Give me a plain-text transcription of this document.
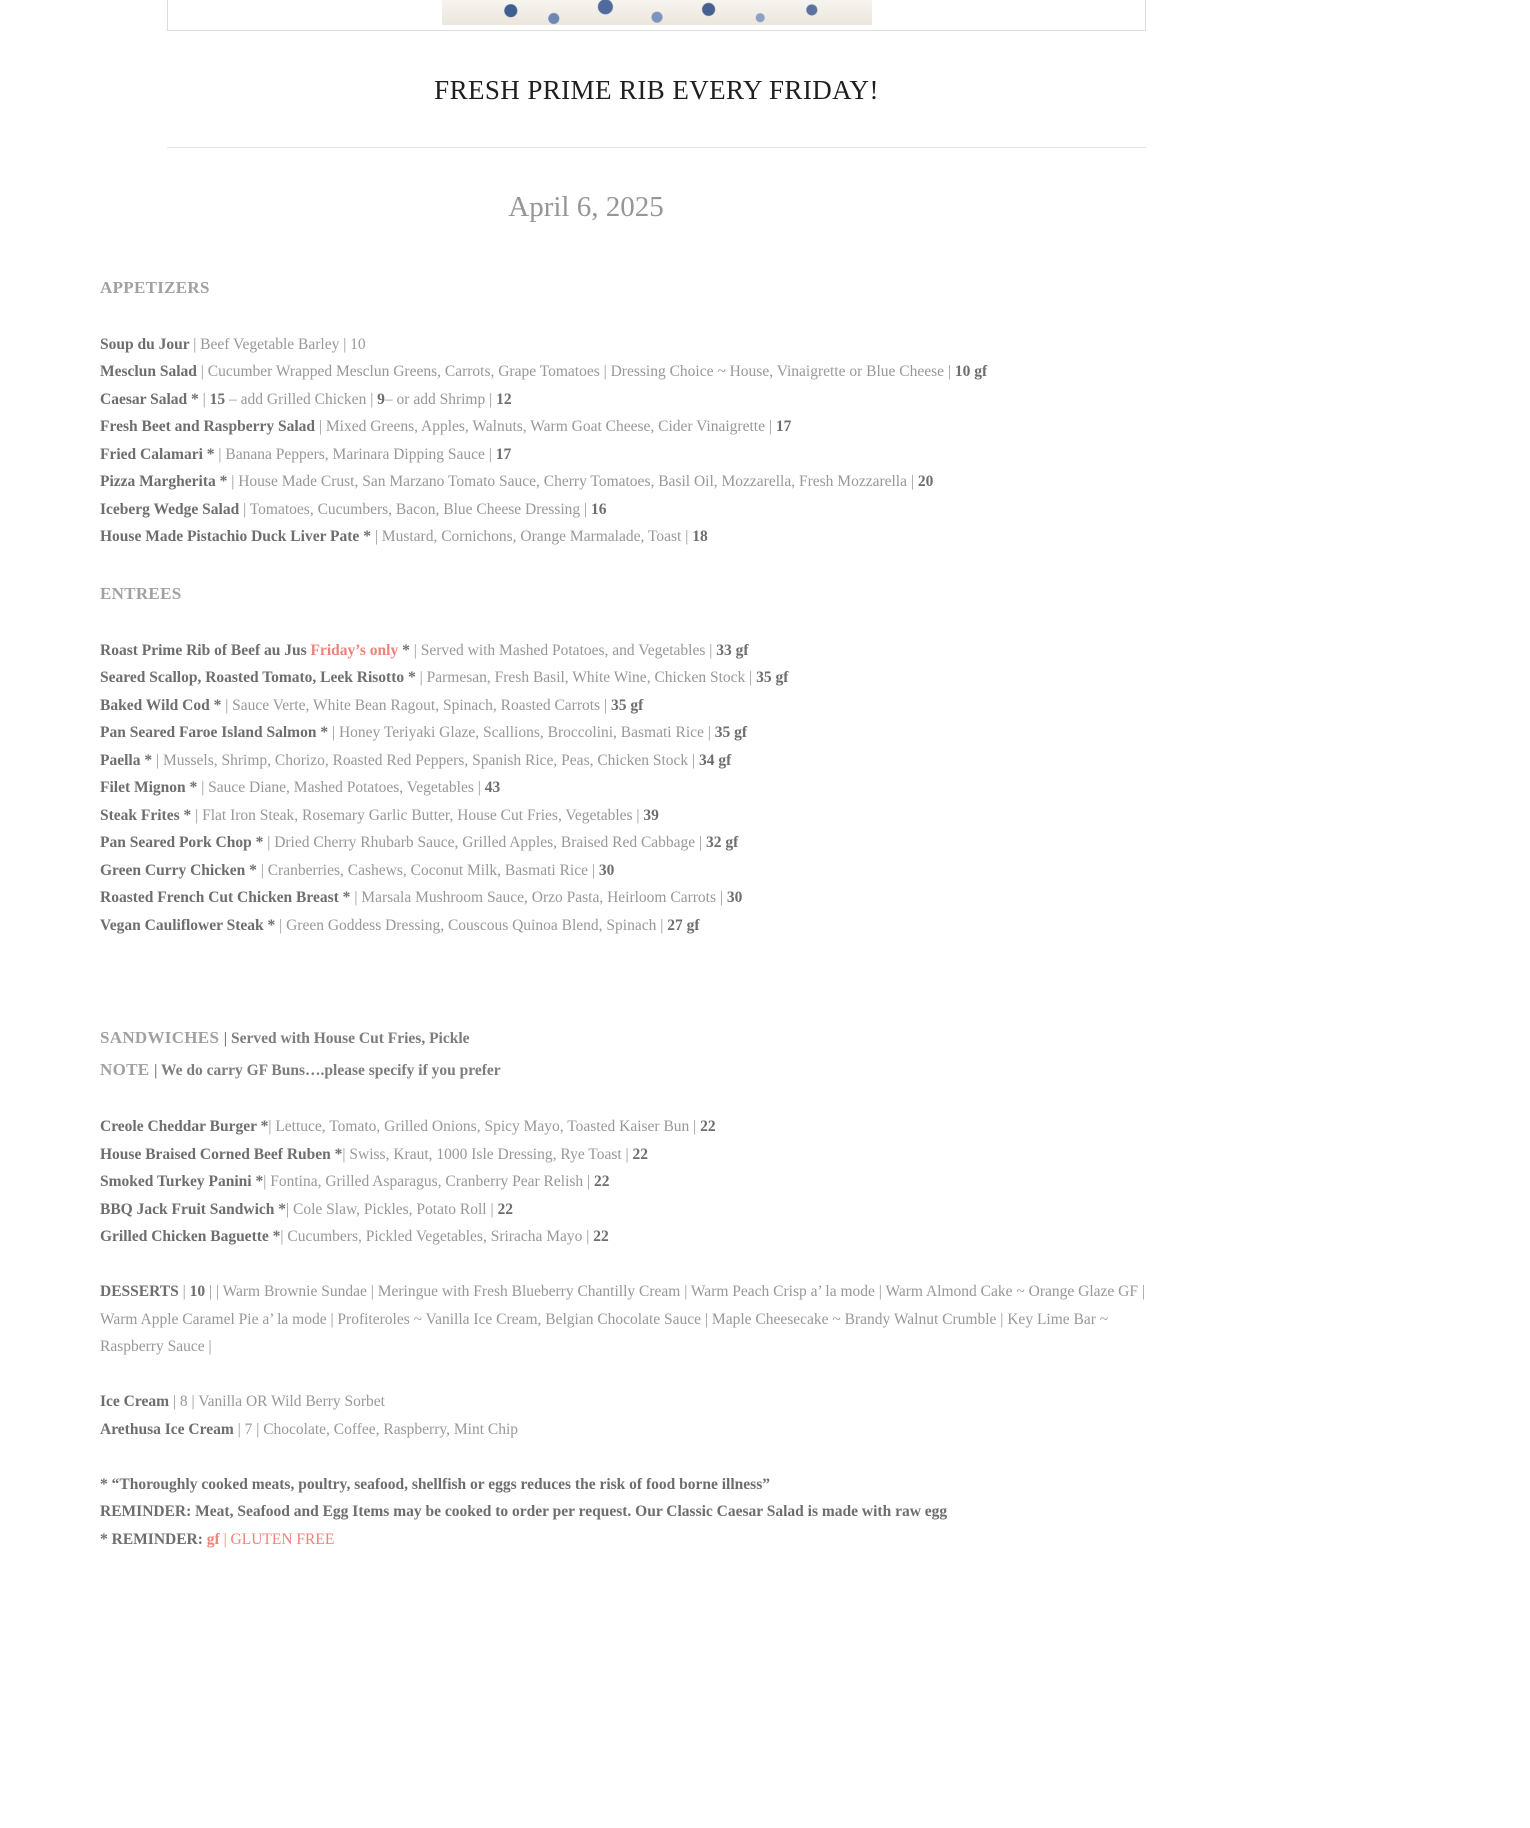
FRESH PRIME RIB EVERY FRIDAY!
April 6, 2025

APPETIZERS

Soup du Jour | Beef Vegetable Barley | 10

Mesclun Salad | Cucumber Wrapped Mesclun Greens, Carrots, Grape Tomatoes | Dressing Choice ~ House, Vinaigrette or Blue Cheese | 10 gf

Caesar Salad * | 15 – add Grilled Chicken | 9– or add Shrimp | 12

Fresh Beet and Raspberry Salad | Mixed Greens, Apples, Walnuts, Warm Goat Cheese, Cider Vinaigrette | 17

Fried Calamari * | Banana Peppers, Marinara Dipping Sauce | 17

Pizza Margherita * | House Made Crust, San Marzano Tomato Sauce, Cherry Tomatoes, Basil Oil, Mozzarella, Fresh Mozzarella | 20

Iceberg Wedge Salad | Tomatoes, Cucumbers, Bacon, Blue Cheese Dressing | 16

House Made Pistachio Duck Liver Pate * | Mustard, Cornichons, Orange Marmalade, Toast | 18

ENTREES

Roast Prime Rib of Beef au Jus Friday’s only * | Served with Mashed Potatoes, and Vegetables | 33 gf

Seared Scallop, Roasted Tomato, Leek Risotto * | Parmesan, Fresh Basil, White Wine, Chicken Stock | 35 gf

Baked Wild Cod * | Sauce Verte, White Bean Ragout, Spinach, Roasted Carrots | 35 gf

Pan Seared Faroe Island Salmon * | Honey Teriyaki Glaze, Scallions, Broccolini, Basmati Rice | 35 gf

Paella * | Mussels, Shrimp, Chorizo, Roasted Red Peppers, Spanish Rice, Peas, Chicken Stock | 34 gf

Filet Mignon * | Sauce Diane, Mashed Potatoes, Vegetables | 43

Steak Frites * | Flat Iron Steak, Rosemary Garlic Butter, House Cut Fries, Vegetables | 39

Pan Seared Pork Chop * | Dried Cherry Rhubarb Sauce, Grilled Apples, Braised Red Cabbage | 32 gf

Green Curry Chicken * | Cranberries, Cashews, Coconut Milk, Basmati Rice | 30

Roasted French Cut Chicken Breast * | Marsala Mushroom Sauce, Orzo Pasta, Heirloom Carrots | 30

Vegan Cauliflower Steak * | Green Goddess Dressing, Couscous Quinoa Blend, Spinach | 27 gf

SANDWICHES | Served with House Cut Fries, Pickle

NOTE | We do carry GF Buns….please specify if you prefer

Creole Cheddar Burger *| Lettuce, Tomato, Grilled Onions, Spicy Mayo, Toasted Kaiser Bun | 22

House Braised Corned Beef Ruben *| Swiss, Kraut, 1000 Isle Dressing, Rye Toast | 22

Smoked Turkey Panini *| Fontina, Grilled Asparagus, Cranberry Pear Relish | 22

BBQ Jack Fruit Sandwich *| Cole Slaw, Pickles, Potato Roll | 22

Grilled Chicken Baguette *| Cucumbers, Pickled Vegetables, Sriracha Mayo | 22

DESSERTS | 10 | | Warm Brownie Sundae | Meringue with Fresh Blueberry Chantilly Cream | Warm Peach Crisp a’ la mode | Warm Almond Cake ~ Orange Glaze GF | Warm Apple Caramel Pie a’ la mode | Profiteroles ~ Vanilla Ice Cream, Belgian Chocolate Sauce | Maple Cheesecake ~ Brandy Walnut Crumble | Key Lime Bar ~ Raspberry Sauce |

Ice Cream | 8 | Vanilla OR Wild Berry Sorbet

Arethusa Ice Cream | 7 | Chocolate, Coffee, Raspberry, Mint Chip

* “Thoroughly cooked meats, poultry, seafood, shellfish or eggs reduces the risk of food borne illness”

REMINDER: Meat, Seafood and Egg Items may be cooked to order per request. Our Classic Caesar Salad is made with raw egg

* REMINDER: gf | GLUTEN FREE
